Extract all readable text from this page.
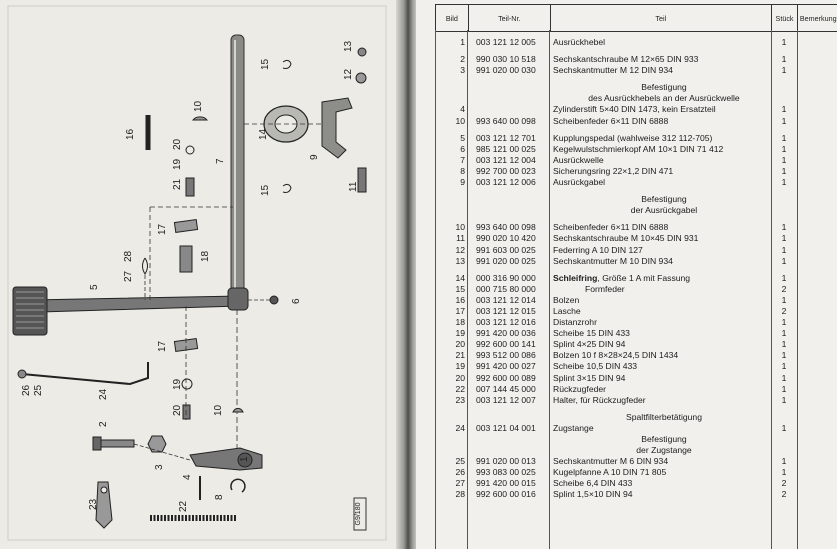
G9/180
1
2
3
4
5
6
7
8
9
10
10
11
12
13
14
15
15
16
17
17
18
19
19
20
20
21
22
23
24
25
26
27
28
Bild	Teil-Nr.	Teil	Stück Bemerkung
1 003 121 12 005 Ausrückhebel	1
2 990 030 10 518 Sechskantschraube M 12×65 DIN 933	1
3 991 020 00 030 Sechskantmutter M 12 DIN 934	1
Befestigung
des Ausrückhebels an der Ausrückwelle
4	Zylinderstift 5×40 DIN 1473, kein Ersatzteil	1
10 993 640 00 098 Scheibenfeder 6×11 DIN 6888	1
5 003 121 12 701 Kupplungspedal (wahlweise 312 112-705)	1
6 985 121 00 025 Kegelwulstschmierkopf AM 10×1 DIN 71 412	1
7 003 121 12 004 Ausrückwelle	1
8 992 700 00 023 Sicherungsring 22×1,2 DIN 471	1
9 003 121 12 006 Ausrückgabel	1
Befestigung
der Ausrückgabel
10 993 640 00 098 Scheibenfeder 6×11 DIN 6888	1
11 990 020 10 420 Sechskantschraube M 10×45 DIN 931	1
12 991 603 00 025 Federring A 10 DIN 127	1
13 991 020 00 025 Sechskantmutter M 10 DIN 934	1
14 000 316 90 000 Schleifring, Größe 1 A mit Fassung	1
15 000 715 80 000	Formfeder	2
16 003 121 12 014 Bolzen	1
17 003 121 12 015 Lasche	2
18 003 121 12 016 Distanzrohr	1
19 991 420 00 036 Scheibe 15 DIN 433	1
20 992 600 00 141 Splint 4×25 DIN 94	1
21 993 512 00 086 Bolzen 10 f 8×28×24,5 DIN 1434	1
19 991 420 00 027 Scheibe 10,5 DIN 433	1
20 992 600 00 089 Splint 3×15 DIN 94	1
22 007 144 45 000 Rückzugfeder	1
23 003 121 12 007 Halter, für Rückzugfeder	1
Spaltfilterbetätigung
24 003 121 04 001 Zugstange	1
Befestigung
der Zugstange
25 991 020 00 013 Sechskantmutter M 6 DIN 934	1
26 993 083 00 025 Kugelpfanne A 10 DIN 71 805	1
27 991 420 00 015 Scheibe 6,4 DIN 433	2
28 992 600 00 016 Splint 1,5×10 DIN 94	2
